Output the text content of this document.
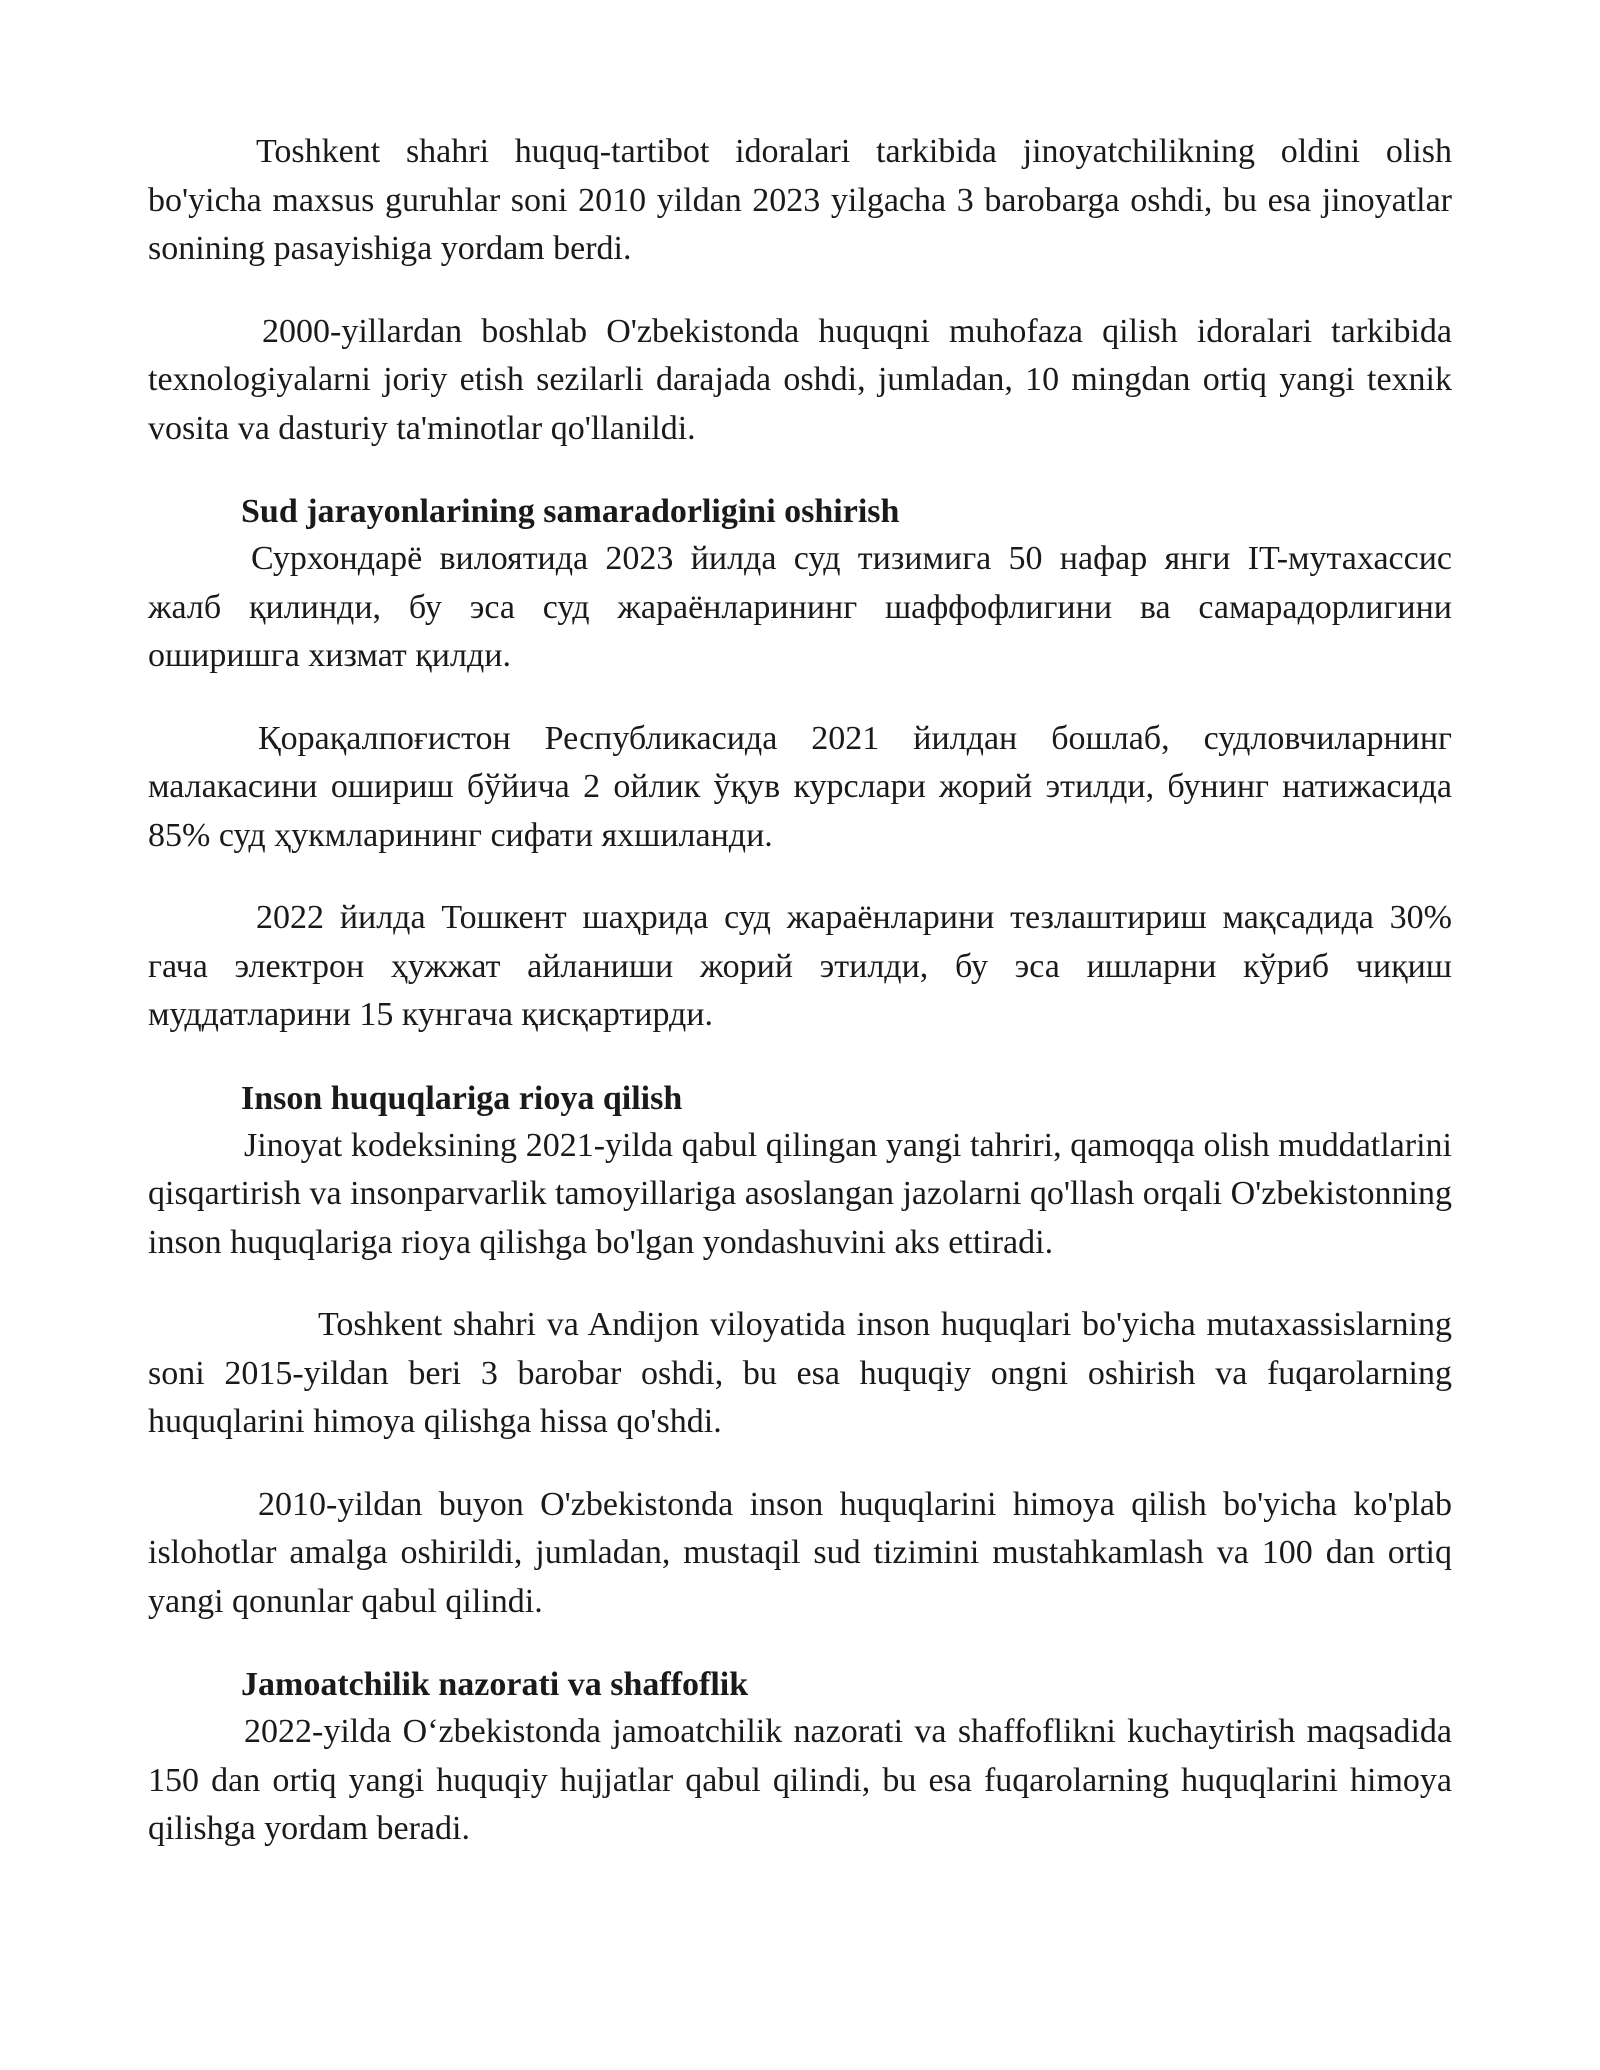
Toshkent shahri huquq-tartibot idoralari tarkibida jinoyatchilikning oldini olish bo'yicha maxsus guruhlar soni 2010 yildan 2023 yilgacha 3 barobarga oshdi, bu esa jinoyatlar sonining pasayishiga yordam berdi.

2000-yillardan boshlab O'zbekistonda huquqni muhofaza qilish idoralari tarkibida texnologiyalarni joriy etish sezilarli darajada oshdi, jumladan, 10 mingdan ortiq yangi texnik vosita va dasturiy ta'minotlar qo'llanildi.

Sud jarayonlarining samaradorligini oshirish

Сурхондарё вилоятида 2023 йилда суд тизимига 50 нафар янги IT-мутахассис жалб қилинди, бу эса суд жараёнларининг шаффофлигини ва самарадорлигини оширишга хизмат қилди.

Қорақалпоғистон Республикасида 2021 йилдан бошлаб, судловчиларнинг малакасини ошириш бўйича 2 ойлик ўқув курслари жорий этилди, бунинг натижасида 85% суд ҳукмларининг сифати яхшиланди.

2022 йилда Тошкент шаҳрида суд жараёнларини тезлаштириш мақсадида 30% гача электрон ҳужжат айланиши жорий этилди, бу эса ишларни кўриб чиқиш муддатларини 15 кунгача қисқартирди.

Inson huquqlariga rioya qilish

Jinoyat kodeksining 2021-yilda qabul qilingan yangi tahriri, qamoqqa olish muddatlarini qisqartirish va insonparvarlik tamoyillariga asoslangan jazolarni qo'llash orqali O'zbekistonning inson huquqlariga rioya qilishga bo'lgan yondashuvini aks ettiradi.

Toshkent shahri va Andijon viloyatida inson huquqlari bo'yicha mutaxassislarning soni 2015-yildan beri 3 barobar oshdi, bu esa huquqiy ongni oshirish va fuqarolarning huquqlarini himoya qilishga hissa qo'shdi.

2010-yildan buyon O'zbekistonda inson huquqlarini himoya qilish bo'yicha ko'plab islohotlar amalga oshirildi, jumladan, mustaqil sud tizimini mustahkamlash va 100 dan ortiq yangi qonunlar qabul qilindi.

Jamoatchilik nazorati va shaffoflik

2022-yilda O‘zbekistonda jamoatchilik nazorati va shaffoflikni kuchaytirish maqsadida 150 dan ortiq yangi huquqiy hujjatlar qabul qilindi, bu esa fuqarolarning huquqlarini himoya qilishga yordam beradi.
